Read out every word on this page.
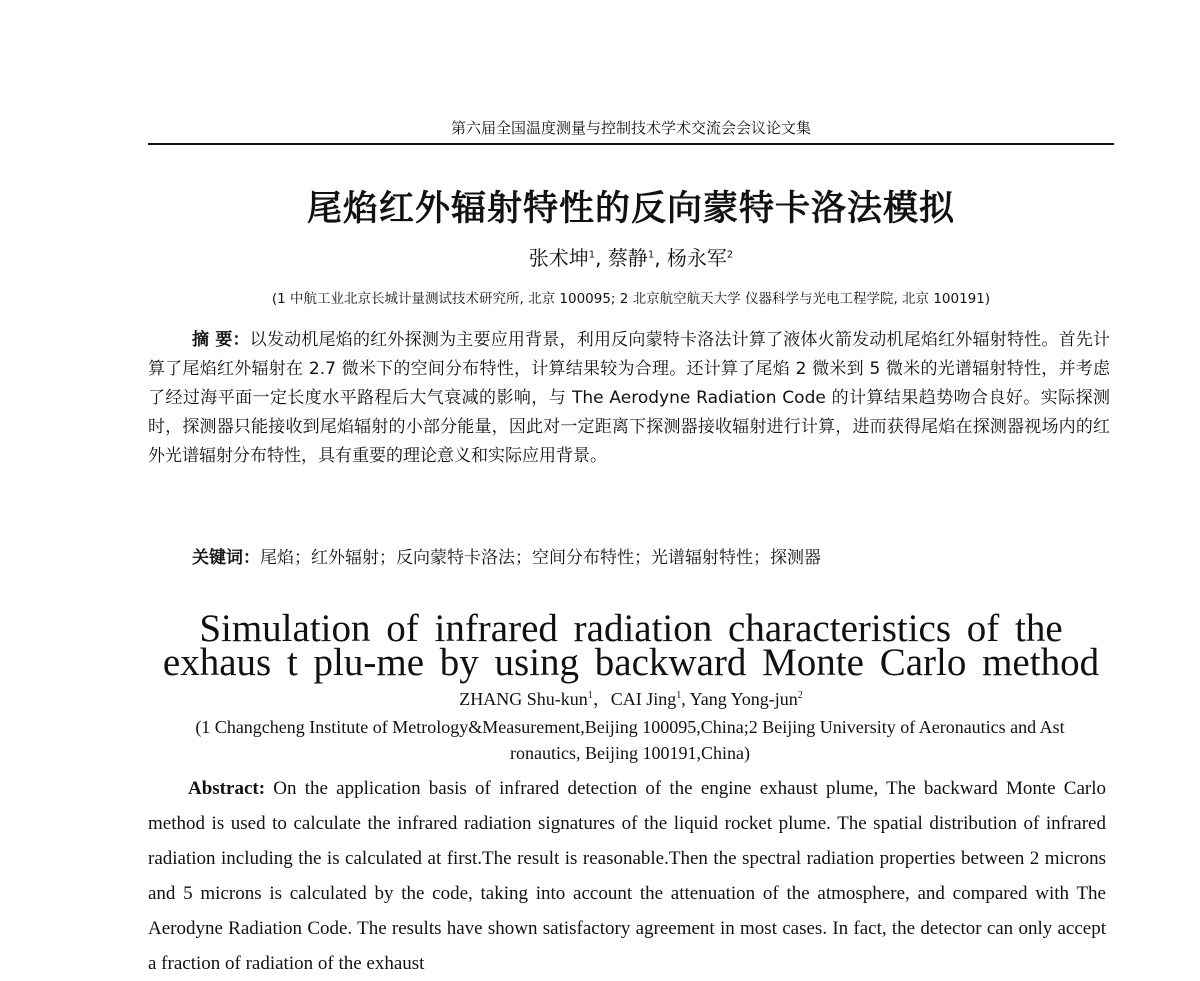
第六届全国温度测量与控制技术学术交流会会议论文集
尾焰红外辐射特性的反向蒙特卡洛法模拟
张术坤$^1$, 蔡静$^1$, 杨永军$^2$
(1 中航工业北京长城计量测试技术研究所, 北京 100095; 2 北京航空航天大学 仪器科学与光电工程学院, 北京 100191)
摘 要：以发动机尾焰的红外探测为主要应用背景，利用反向蒙特卡洛法计算了液体火箭发动机尾焰红外辐射特性。首先计算了尾焰红外辐射在 2.7 微米下的空间分布特性，计算结果较为合理。还计算了尾焰 2 微米到 5 微米的光谱辐射特性，并考虑了经过海平面一定长度水平路程后大气衰减的影响，与 The Aerodyne Radiation Code 的计算结果趋势吻合良好。实际探测时，探测器只能接收到尾焰辐射的小部分能量，因此对一定距离下探测器接收辐射进行计算，进而获得尾焰在探测器视场内的红外光谱辐射分布特性，具有重要的理论意义和实际应用背景。
关键词：尾焰；红外辐射；反向蒙特卡洛法；空间分布特性；光谱辐射特性；探测器
Simulation of infrared radiation characteristics of the exhaus t plu-me by using backward Monte Carlo method
ZHANG Shu-kun$^1$，CAI Jing$^1$, Yang Yong-jun$^2$
(1 Changcheng Institute of Metrology&Measurement,Beijing 100095,China;2 Beijing University of Aeronautics and Ast ronautics, Beijing 100191,China)
Abstract: On the application basis of infrared detection of the engine exhaust plume, The backward Monte Carlo method is used to calculate the infrared radiation signatures of the liquid rocket plume. The spatial distribution of infrared radiation including the is calculated at first.The result is reasonable.Then the spectral radiation properties between 2 microns and 5 microns is calculated by the code, taking into account the attenuation of the atmosphere, and compared with The Aerodyne Radiation Code. The results have shown satisfactory agreement in most cases. In fact, the detector can only accept a fraction of radiation of the exhaust
